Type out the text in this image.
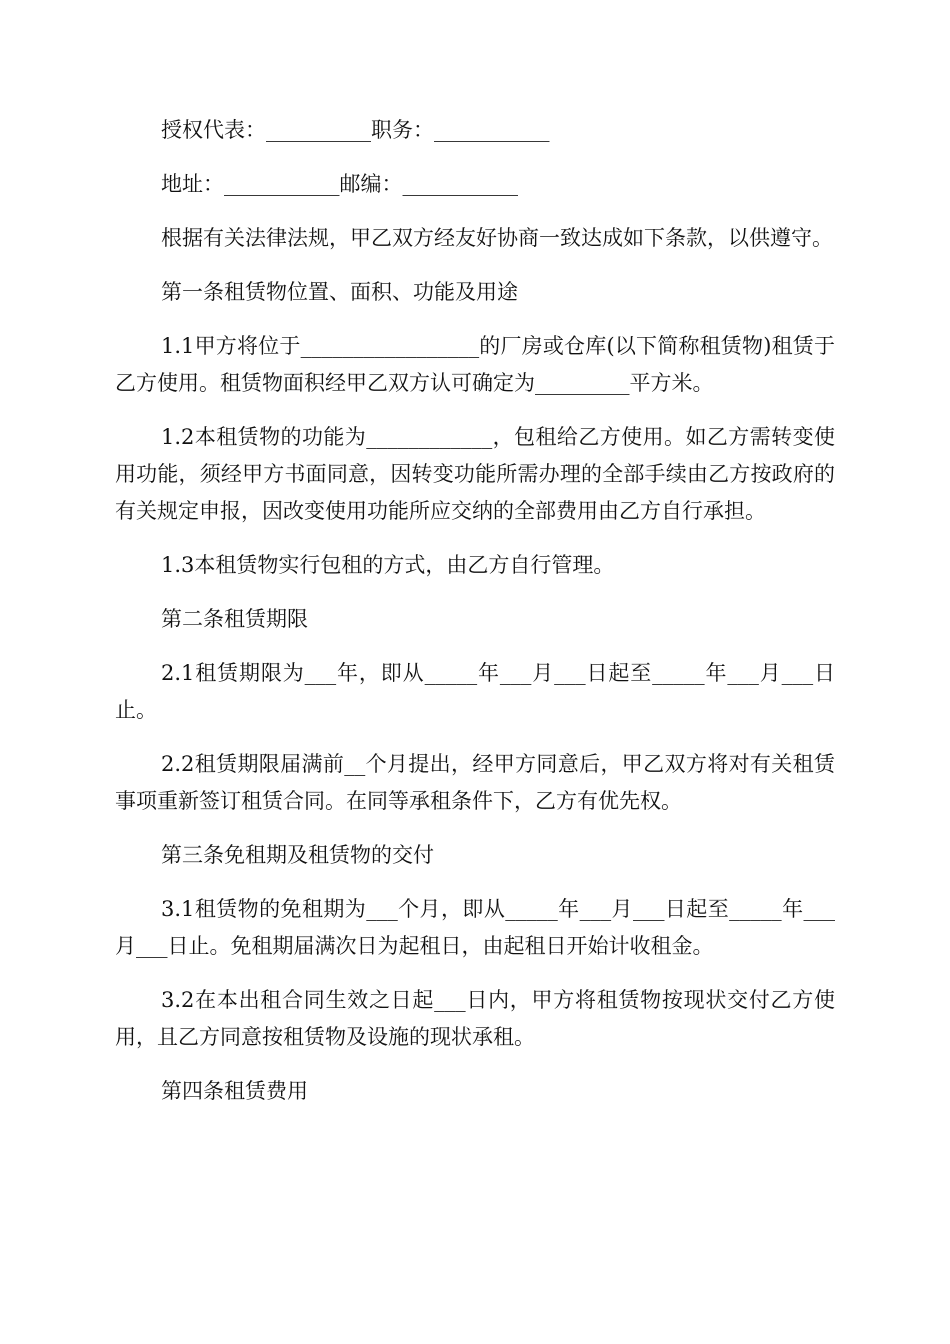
授权代表：__________职务：___________

地址：___________邮编：___________

根据有关法律法规，甲乙双方经友好协商一致达成如下条款，以供遵守。

第一条租赁物位置、面积、功能及用途

1.1甲方将位于_________________的厂房或仓库(以下简称租赁物)租赁于乙方使用。租赁物面积经甲乙双方认可确定为_________平方米。

1.2本租赁物的功能为____________，包租给乙方使用。如乙方需转变使用功能，须经甲方书面同意，因转变功能所需办理的全部手续由乙方按政府的有关规定申报，因改变使用功能所应交纳的全部费用由乙方自行承担。

1.3本租赁物实行包租的方式，由乙方自行管理。

第二条租赁期限

2.1租赁期限为___年，即从_____年___月___日起至_____年___月___日止。

2.2租赁期限届满前__个月提出，经甲方同意后，甲乙双方将对有关租赁事项重新签订租赁合同。在同等承租条件下，乙方有优先权。

第三条免租期及租赁物的交付

3.1租赁物的免租期为___个月，即从_____年___月___日起至_____年___月___日止。免租期届满次日为起租日，由起租日开始计收租金。

3.2在本出租合同生效之日起___日内，甲方将租赁物按现状交付乙方使用，且乙方同意按租赁物及设施的现状承租。

第四条租赁费用
